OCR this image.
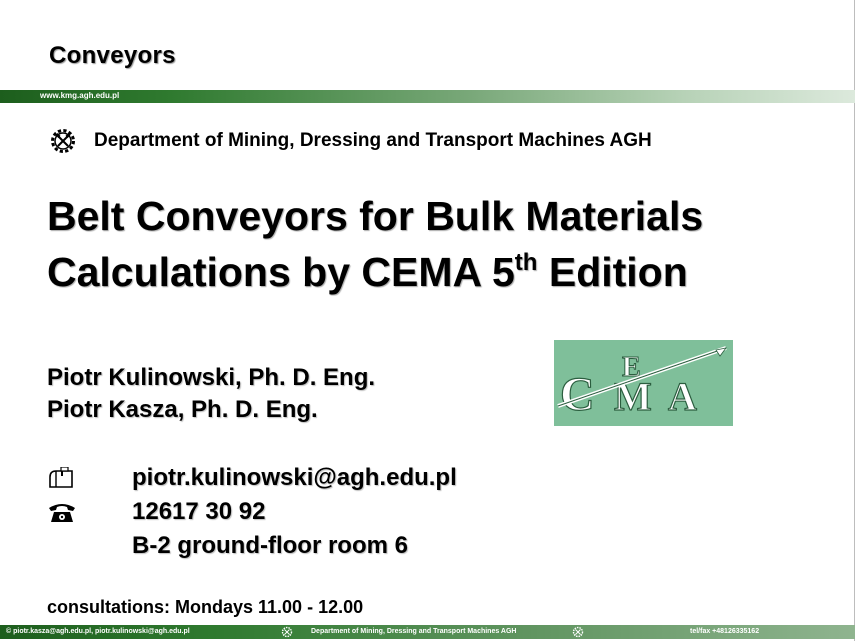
Conveyors
www.kmg.agh.edu.pl
Department of Mining, Dressing and Transport Machines AGH
Belt Conveyors for Bulk Materials
Calculations by CEMA 5th Edition
Piotr Kulinowski, Ph. D. Eng.
Piotr Kasza, Ph. D. Eng.	C
E
M A
piotr.kulinowski@agh.edu.pl
12617 30 92
B-2 ground-floor room 6
consultations: Mondays 11.00 - 12.00
© piotr.kasza@agh.edu.pl, piotr.kulinowski@agh.edu.pl	Department of Mining, Dressing and Transport Machines AGH	tel/fax +48126335162
